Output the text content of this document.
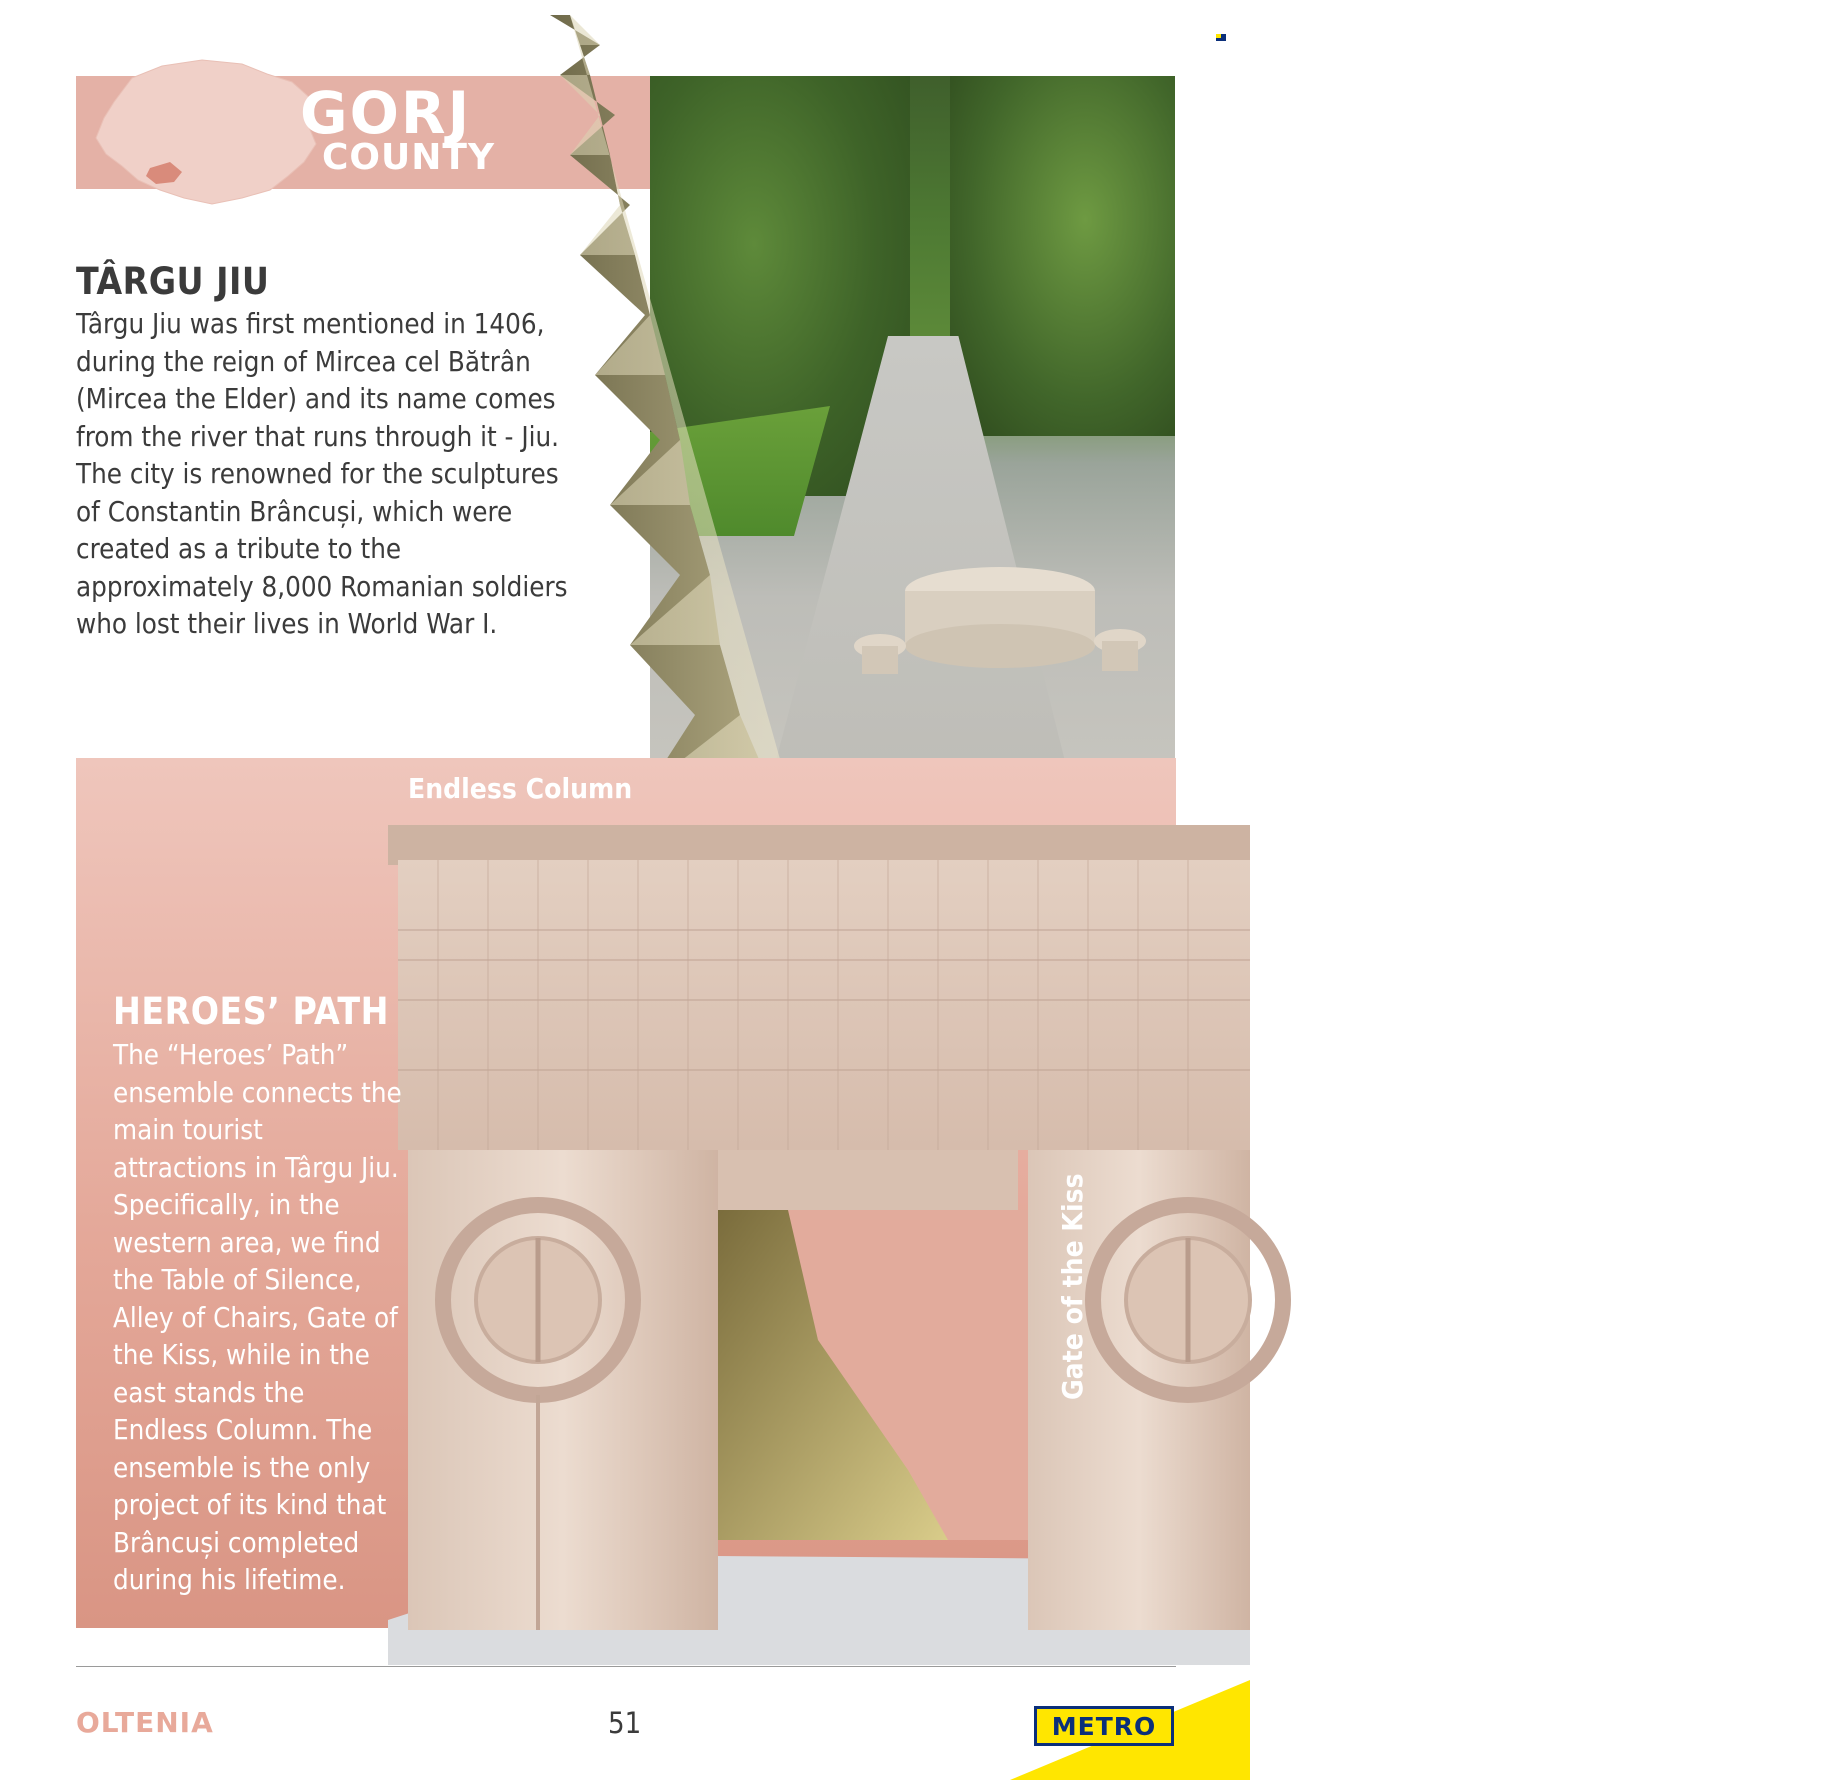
GORJ
COUNTY
Table of Silence - Path of Heroes
TÂRGU JIU
Târgu Jiu was first mentioned in 1406, during the reign of Mircea cel Bătrân (Mircea the Elder) and its name comes from the river that runs through it - Jiu. The city is renowned for the sculptures of Constantin Brâncuși, which were created as a tribute to the approximately 8,000 Romanian soldiers who lost their lives in World War I.
Endless Column
Gate of the Kiss
HEROES’ PATH
The “Heroes’ Path” ensemble connects the main tourist attractions in Târgu Jiu. Specifically, in the western area, we find the Table of Silence, Alley of Chairs, Gate of the Kiss, while in the east stands the Endless Column. The ensemble is the only project of its kind that Brâncuși completed during his lifetime.
OLTENIA	51	METRO
